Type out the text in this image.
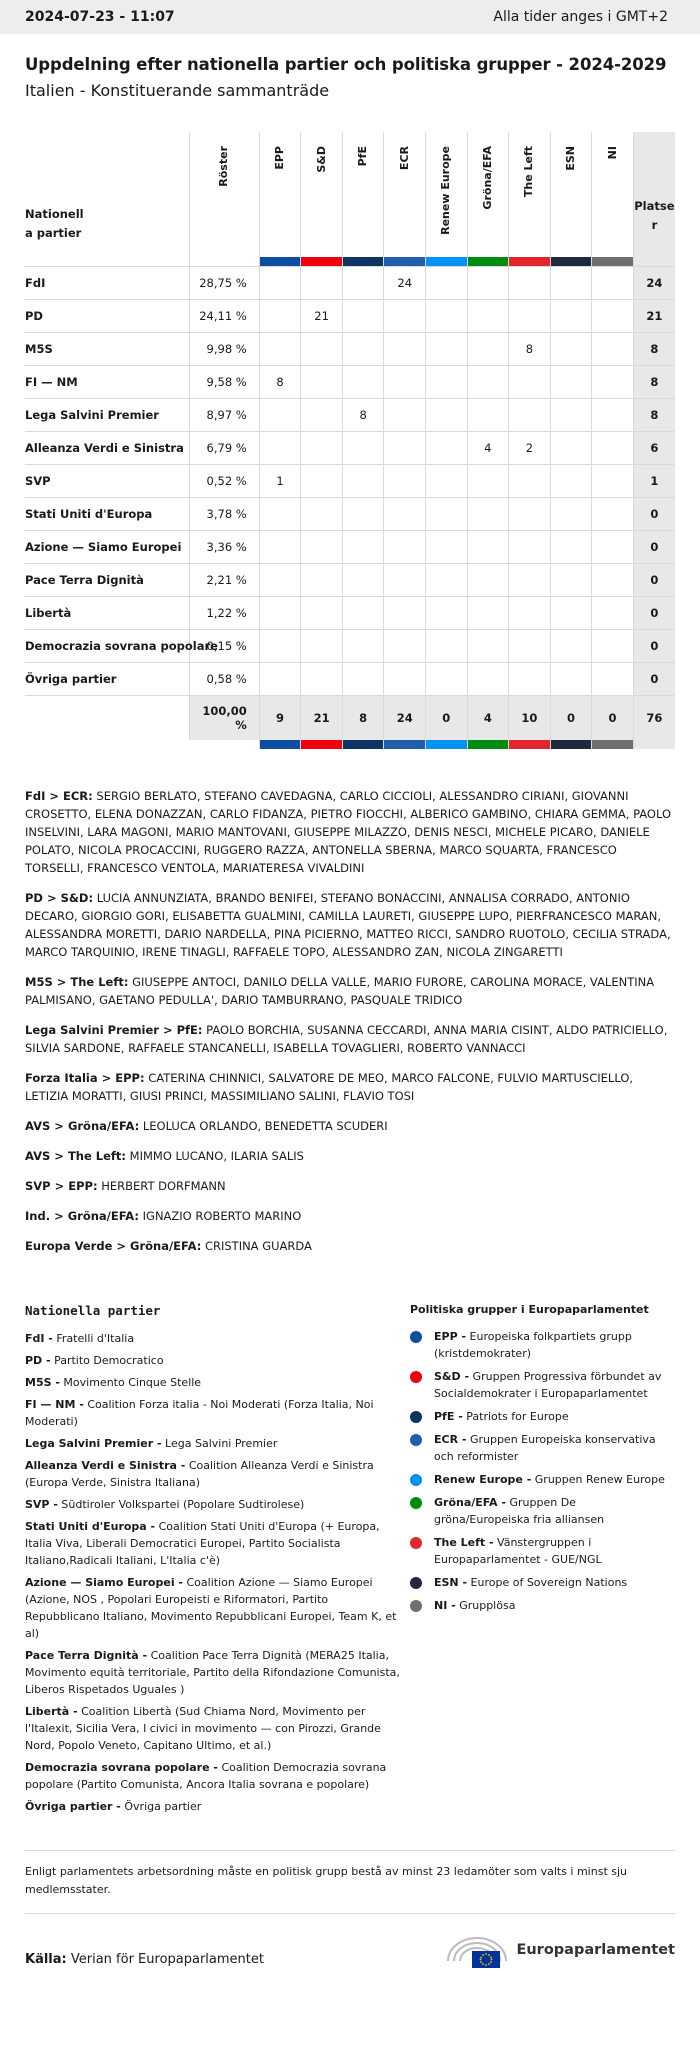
2024-07-23 - 11:07	Alla tider anges i GMT+2
Uppdelning efter nationella partier och politiska grupper - 2024-2029
Italien - Konstituerande sammanträde
Nationell
a partier	Röster	EPP	S&D	PfE	ECR	Renew Europe	Gröna/EFA	The Left	ESN	NI	Platse
r

FdI	28,75 %				24						24
PD	24,11 %		21								21
M5S	9,98 %							8			8
FI — NM	9,58 %	8									8
Lega Salvini Premier	8,97 %			8							8
Alleanza Verdi e Sinistra	6,79 %						4	2			6
SVP	0,52 %	1									1
Stati Uniti d'Europa	3,78 %										0
Azione — Siamo Europei	3,36 %										0
Pace Terra Dignità	2,21 %										0
Libertà	1,22 %										0
Democrazia sovrana popolare	0,15 %										0
Övriga partier	0,58 %										0
	100,00 %	9	21	8	24	0	4	10	0	0	76

FdI > ECR: SERGIO BERLATO, STEFANO CAVEDAGNA, CARLO CICCIOLI, ALESSANDRO CIRIANI, GIOVANNI CROSETTO, ELENA DONAZZAN, CARLO FIDANZA, PIETRO FIOCCHI, ALBERICO GAMBINO, CHIARA GEMMA, PAOLO INSELVINI, LARA MAGONI, MARIO MANTOVANI, GIUSEPPE MILAZZO, DENIS NESCI, MICHELE PICARO, DANIELE POLATO, NICOLA PROCACCINI, RUGGERO RAZZA, ANTONELLA SBERNA, MARCO SQUARTA, FRANCESCO TORSELLI, FRANCESCO VENTOLA, MARIATERESA VIVALDINI

PD > S&D: LUCIA ANNUNZIATA, BRANDO BENIFEI, STEFANO BONACCINI, ANNALISA CORRADO, ANTONIO DECARO, GIORGIO GORI, ELISABETTA GUALMINI, CAMILLA LAURETI, GIUSEPPE LUPO, PIERFRANCESCO MARAN, ALESSANDRA MORETTI, DARIO NARDELLA, PINA PICIERNO, MATTEO RICCI, SANDRO RUOTOLO, CECILIA STRADA, MARCO TARQUINIO, IRENE TINAGLI, RAFFAELE TOPO, ALESSANDRO ZAN, NICOLA ZINGARETTI

M5S > The Left: GIUSEPPE ANTOCI, DANILO DELLA VALLE, MARIO FURORE, CAROLINA MORACE, VALENTINA PALMISANO, GAETANO PEDULLA', DARIO TAMBURRANO, PASQUALE TRIDICO

Lega Salvini Premier > PfE: PAOLO BORCHIA, SUSANNA CECCARDI, ANNA MARIA CISINT, ALDO PATRICIELLO, SILVIA SARDONE, RAFFAELE STANCANELLI, ISABELLA TOVAGLIERI, ROBERTO VANNACCI

Forza Italia > EPP: CATERINA CHINNICI, SALVATORE DE MEO, MARCO FALCONE, FULVIO MARTUSCIELLO, LETIZIA MORATTI, GIUSI PRINCI, MASSIMILIANO SALINI, FLAVIO TOSI

AVS > Gröna/EFA: LEOLUCA ORLANDO, BENEDETTA SCUDERI

AVS > The Left: MIMMO LUCANO, ILARIA SALIS

SVP > EPP: HERBERT DORFMANN

Ind. > Gröna/EFA: IGNAZIO ROBERTO MARINO

Europa Verde > Gröna/EFA: CRISTINA GUARDA

Nationella partier

FdI - Fratelli d'Italia

PD - Partito Democratico

M5S - Movimento Cinque Stelle

FI — NM - Coalition Forza italia - Noi Moderati (Forza Italia, Noi Moderati)

Lega Salvini Premier - Lega Salvini Premier

Alleanza Verdi e Sinistra - Coalition Alleanza Verdi e Sinistra (Europa Verde, Sinistra Italiana)

SVP - Südtiroler Volkspartei (Popolare Sudtirolese)

Stati Uniti d'Europa - Coalition Stati Uniti d'Europa (+ Europa, Italia Viva, Liberali Democratici Europei, Partito Socialista Italiano,Radicali Italiani, L'Italia c'è)

Azione — Siamo Europei - Coalition Azione — Siamo Europei (Azione, NOS , Popolari Europeisti e Riformatori, Partito Repubblicano Italiano, Movimento Repubblicani Europei, Team K, et al)

Pace Terra Dignità - Coalition Pace Terra Dignità (MERA25 Italia, Movimento equità territoriale, Partito della Rifondazione Comunista, Liberos Rispetados Uguales )

Libertà - Coalition Libertà (Sud Chiama Nord, Movimento per l'Italexit, Sicilia Vera, I civici in movimento — con Pirozzi, Grande Nord, Popolo Veneto, Capitano Ultimo, et al.)

Democrazia sovrana popolare - Coalition Democrazia sovrana popolare (Partito Comunista, Ancora Italia sovrana e popolare)

Övriga partier - Övriga partier

Politiska grupper i Europaparlamentet
EPP - Europeiska folkpartiets grupp (kristdemokrater)
S&D - Gruppen Progressiva förbundet av Socialdemokrater i Europaparlamentet
PfE - Patriots for Europe
ECR - Gruppen Europeiska konservativa och reformister
Renew Europe - Gruppen Renew Europe
Gröna/EFA - Gruppen De gröna/Europeiska fria alliansen
The Left - Vänstergruppen i Europaparlamentet - GUE/NGL
ESN - Europe of Sovereign Nations
NI - Grupplösa
Enligt parlamentets arbetsordning måste en politisk grupp bestå av minst 23 ledamöter som valts i minst sju medlemsstater.
Källa: Verian för Europaparlamentet
Europaparlamentet
